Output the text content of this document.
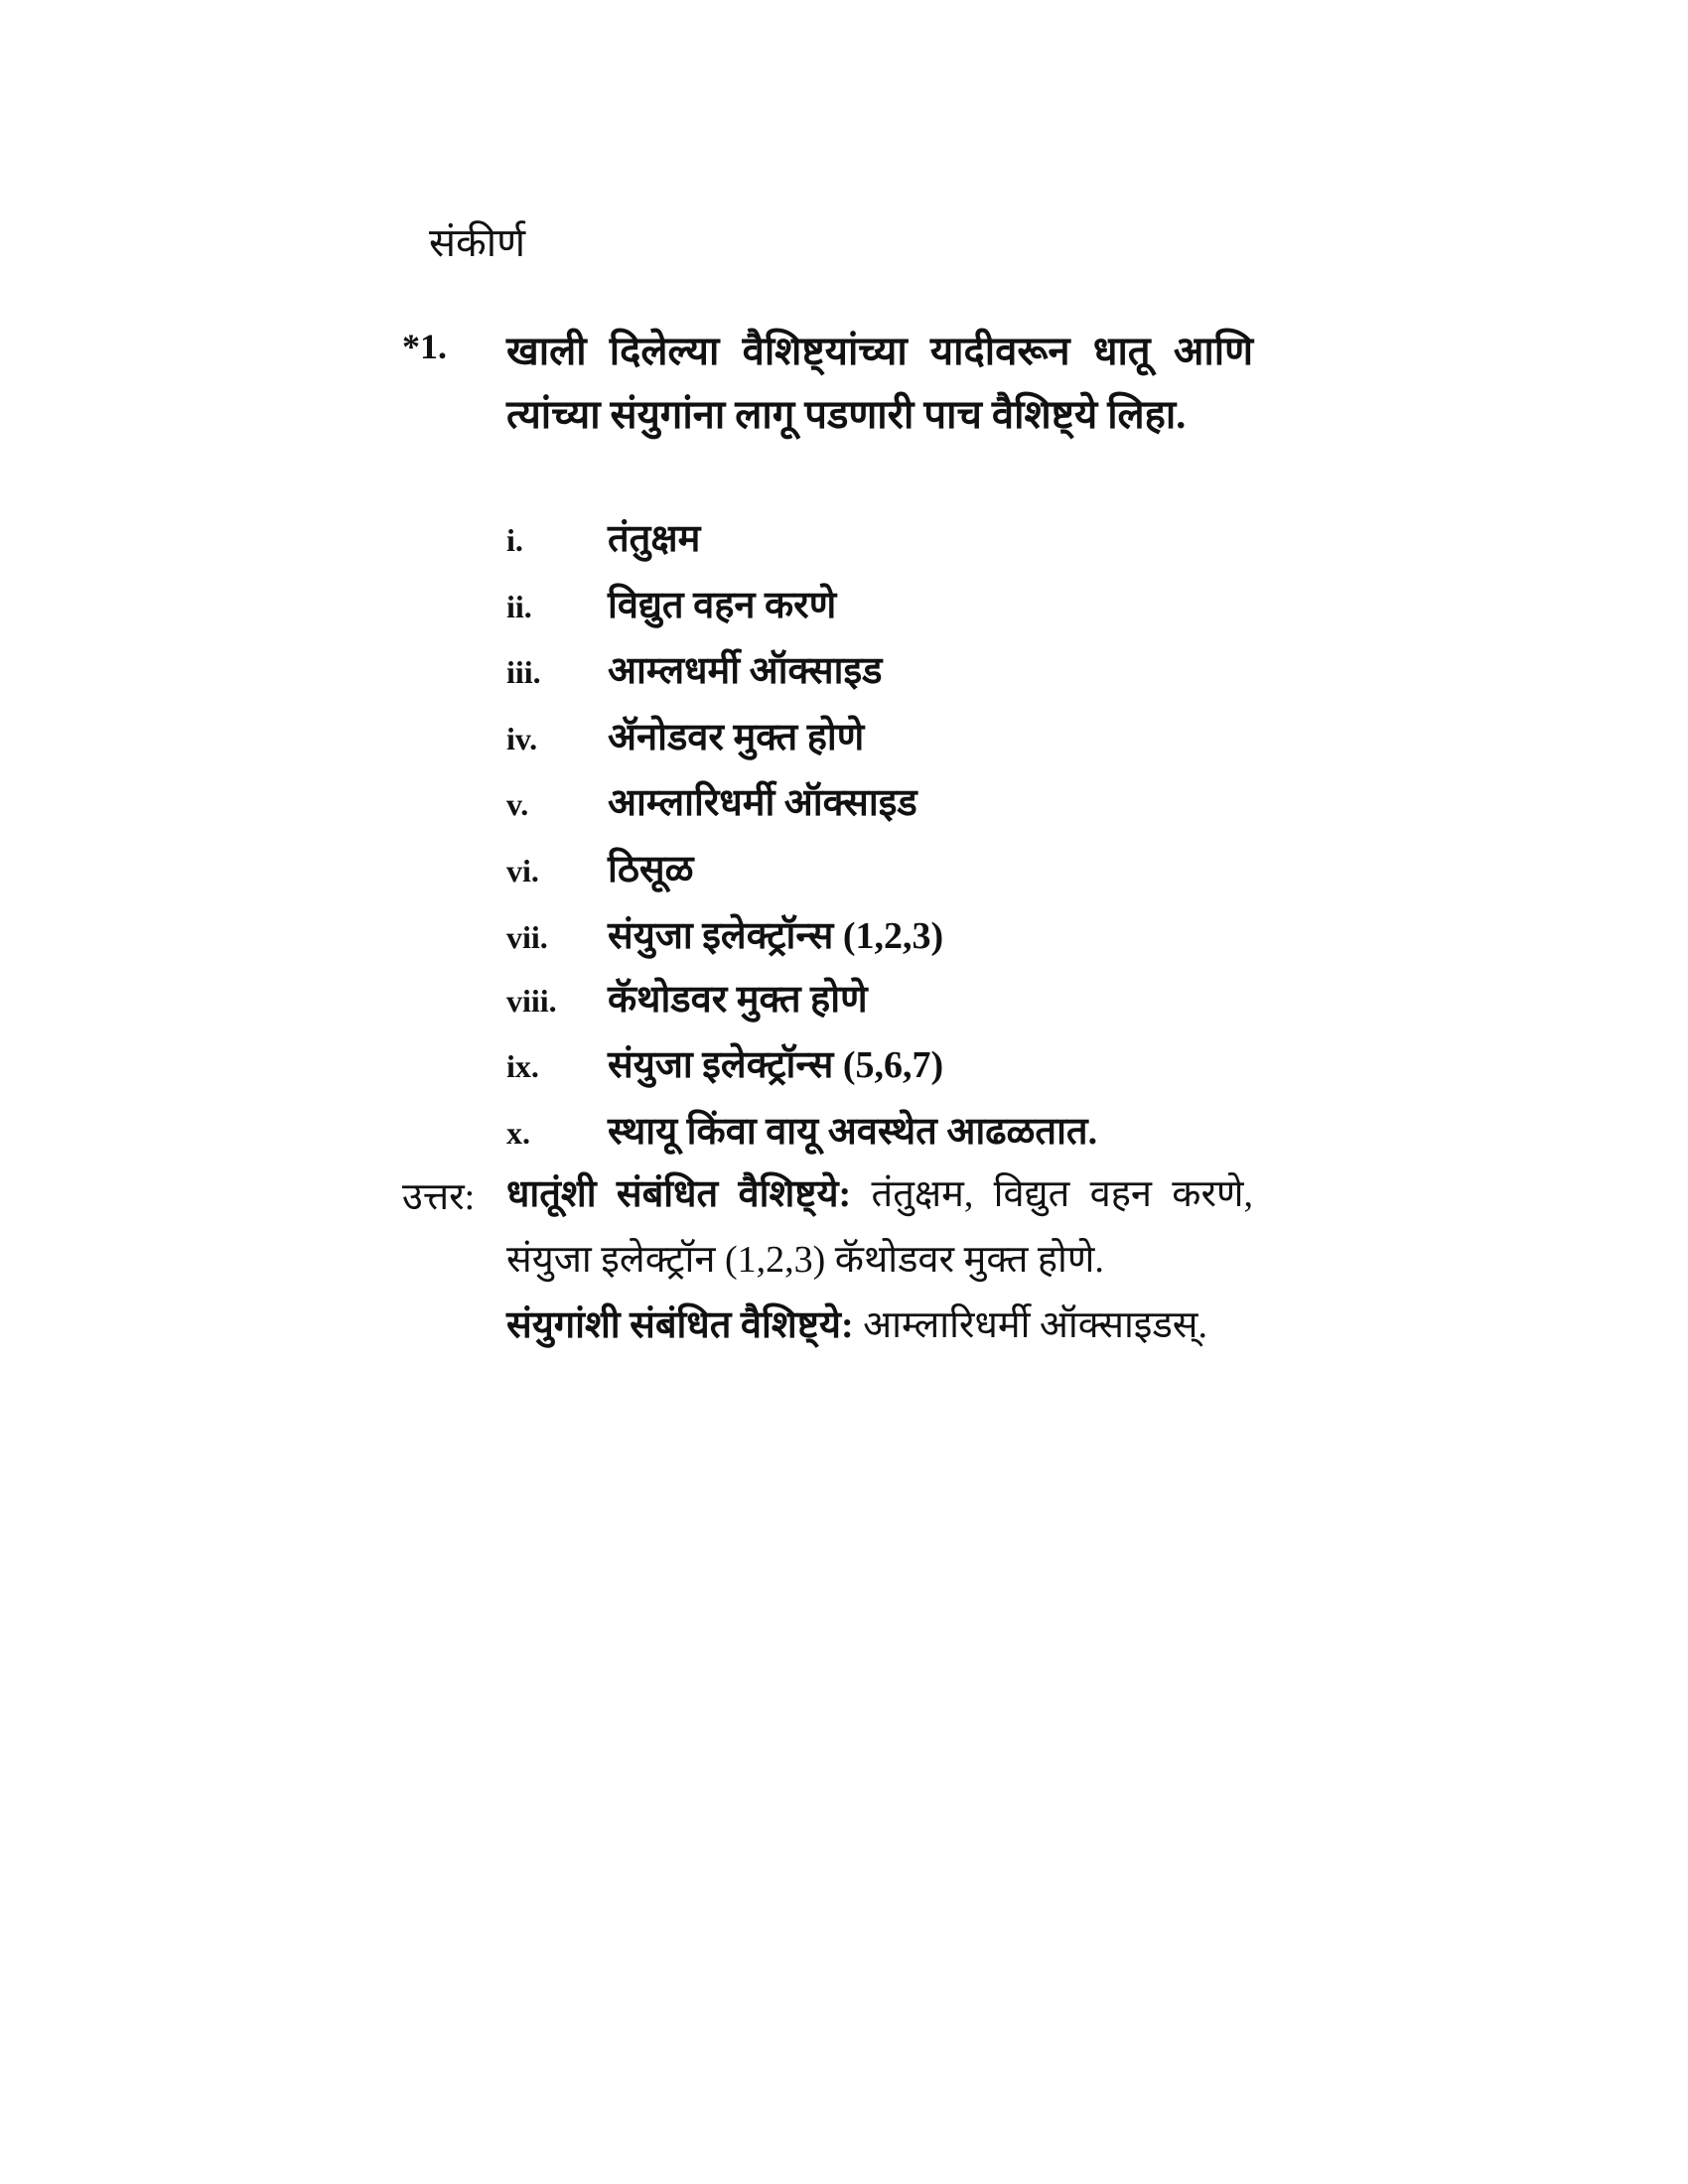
संकीर्ण
*1. खाली दिलेल्या वैशिष्ट्यांच्या यादीवरून धातू आणि त्यांच्या संयुगांना लागू पडणारी पाच वैशिष्ट्ये लिहा.
i. तंतुक्षम
ii. विद्युत वहन करणे
iii. आम्लधर्मी ऑक्साइड
iv. ॲनोडवर मुक्त होणे
v. आम्लारिधर्मी ऑक्साइड
vi. ठिसूळ
vii. संयुजा इलेक्ट्रॉन्स (1,2,3)
viii. कॅथोडवर मुक्त होणे
ix. संयुजा इलेक्ट्रॉन्स (5,6,7)
x. स्थायू किंवा वायू अवस्थेत आढळतात.
उत्तर: धातूंशी संबंधित वैशिष्ट्ये: तंतुक्षम, विद्युत वहन करणे, संयुजा इलेक्ट्रॉन (1,2,3) कॅथोडवर मुक्त होणे.
संयुगांशी संबंधित वैशिष्ट्ये: आम्लारिधर्मी ऑक्साइडस्.
